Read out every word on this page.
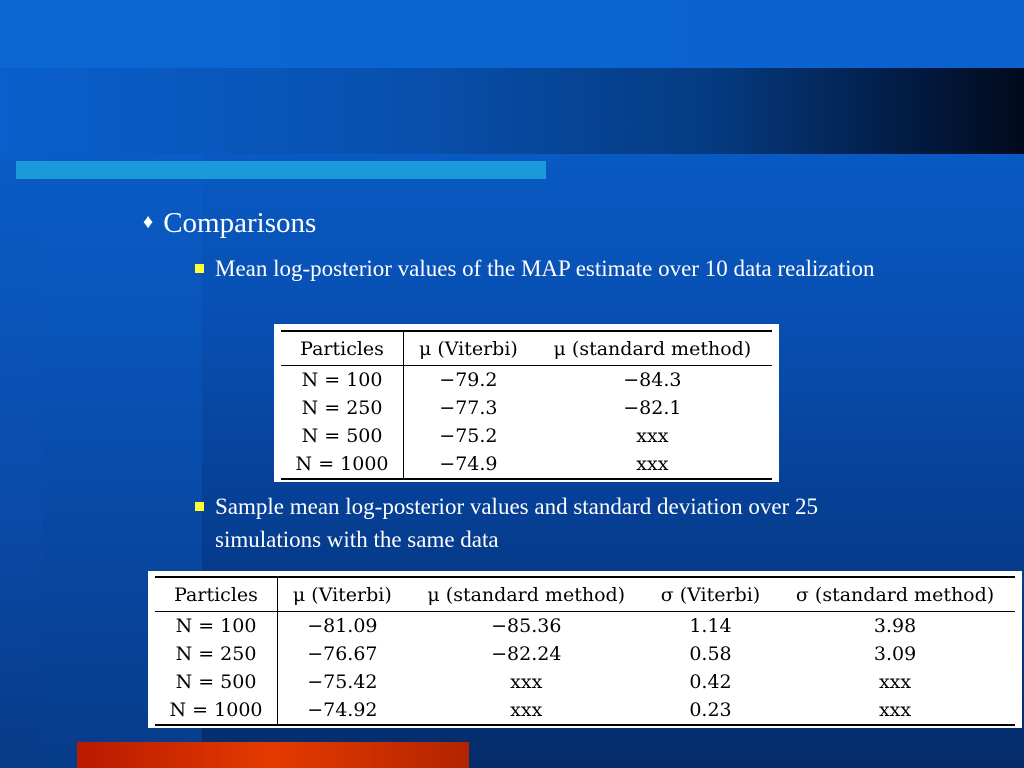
♦ Comparisons
Mean log-posterior values of the MAP estimate over 10 data realization
Particles	μ (Viterbi)	μ (standard method)
N = 100	−79.2	−84.3
N = 250	−77.3	−82.1
N = 500	−75.2	xxx
N = 1000	−74.9	xxx
Sample mean log-posterior values and standard deviation over 25 simulations with the same data
Particles	μ (Viterbi)	μ (standard method)	σ (Viterbi)	σ (standard method)
N = 100	−81.09	−85.36	1.14	3.98
N = 250	−76.67	−82.24	0.58	3.09
N = 500	−75.42	xxx	0.42	xxx
N = 1000	−74.92	xxx	0.23	xxx
